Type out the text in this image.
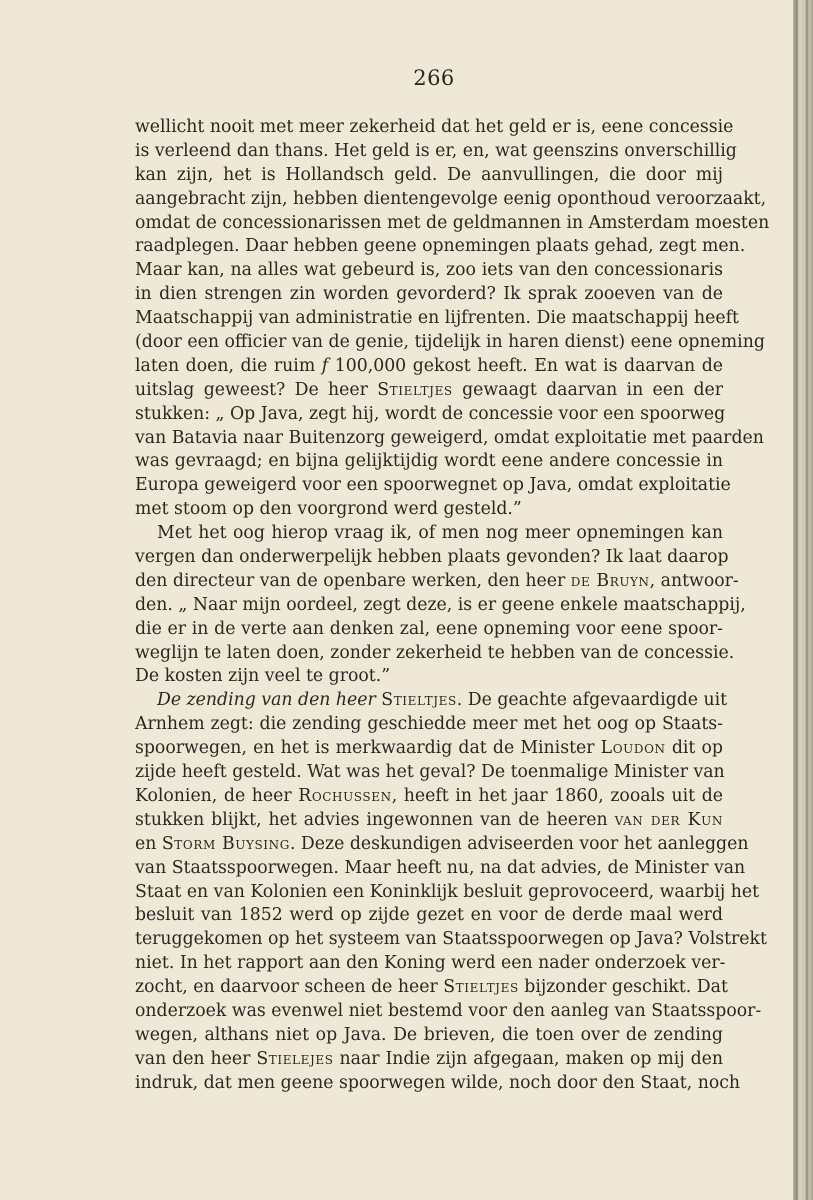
266
wellicht nooit met meer zekerheid dat het geld er is, eene concessie
is verleend dan thans. Het geld is er, en, wat geenszins onverschillig
kan zijn, het is Hollandsch geld. De aanvullingen, die door mij
aangebracht zijn, hebben dientengevolge eenig oponthoud veroorzaakt,
omdat de concessionarissen met de geldmannen in Amsterdam moesten
raadplegen. Daar hebben geene opnemingen plaats gehad, zegt men.
Maar kan, na alles wat gebeurd is, zoo iets van den concessionaris
in dien strengen zin worden gevorderd? Ik sprak zooeven van de
Maatschappij van administratie en lijfrenten. Die maatschappij heeft
(door een officier van de genie, tijdelijk in haren dienst) eene opneming
laten doen, die ruim f 100,000 gekost heeft. En wat is daarvan de
uitslag geweest? De heer Stieltjes gewaagt daarvan in een der
stukken: „ Op Java, zegt hij, wordt de concessie voor een spoorweg
van Batavia naar Buitenzorg geweigerd, omdat exploitatie met paarden
was gevraagd; en bijna gelijktijdig wordt eene andere concessie in
Europa geweigerd voor een spoorwegnet op Java, omdat exploitatie
met stoom op den voorgrond werd gesteld.”
Met het oog hierop vraag ik, of men nog meer opnemingen kan
vergen dan onderwerpelijk hebben plaats gevonden? Ik laat daarop
den directeur van de openbare werken, den heer de Bruyn, antwoor-
den. „ Naar mijn oordeel, zegt deze, is er geene enkele maatschappij,
die er in de verte aan denken zal, eene opneming voor eene spoor-
weglijn te laten doen, zonder zekerheid te hebben van de concessie.
De kosten zijn veel te groot.”
De zending van den heer Stieltjes. De geachte afgevaardigde uit
Arnhem zegt: die zending geschiedde meer met het oog op Staats-
spoorwegen, en het is merkwaardig dat de Minister Loudon dit op
zijde heeft gesteld. Wat was het geval? De toenmalige Minister van
Kolonien, de heer Rochussen, heeft in het jaar 1860, zooals uit de
stukken blijkt, het advies ingewonnen van de heeren van der Kun
en Storm Buysing. Deze deskundigen adviseerden voor het aanleggen
van Staatsspoorwegen. Maar heeft nu, na dat advies, de Minister van
Staat en van Kolonien een Koninklijk besluit geprovoceerd, waarbij het
besluit van 1852 werd op zijde gezet en voor de derde maal werd
teruggekomen op het systeem van Staatsspoorwegen op Java? Volstrekt
niet. In het rapport aan den Koning werd een nader onderzoek ver-
zocht, en daarvoor scheen de heer Stieltjes bijzonder geschikt. Dat
onderzoek was evenwel niet bestemd voor den aanleg van Staatsspoor-
wegen, althans niet op Java. De brieven, die toen over de zending
van den heer Stielejes naar Indie zijn afgegaan, maken op mij den
indruk, dat men geene spoorwegen wilde, noch door den Staat, noch
